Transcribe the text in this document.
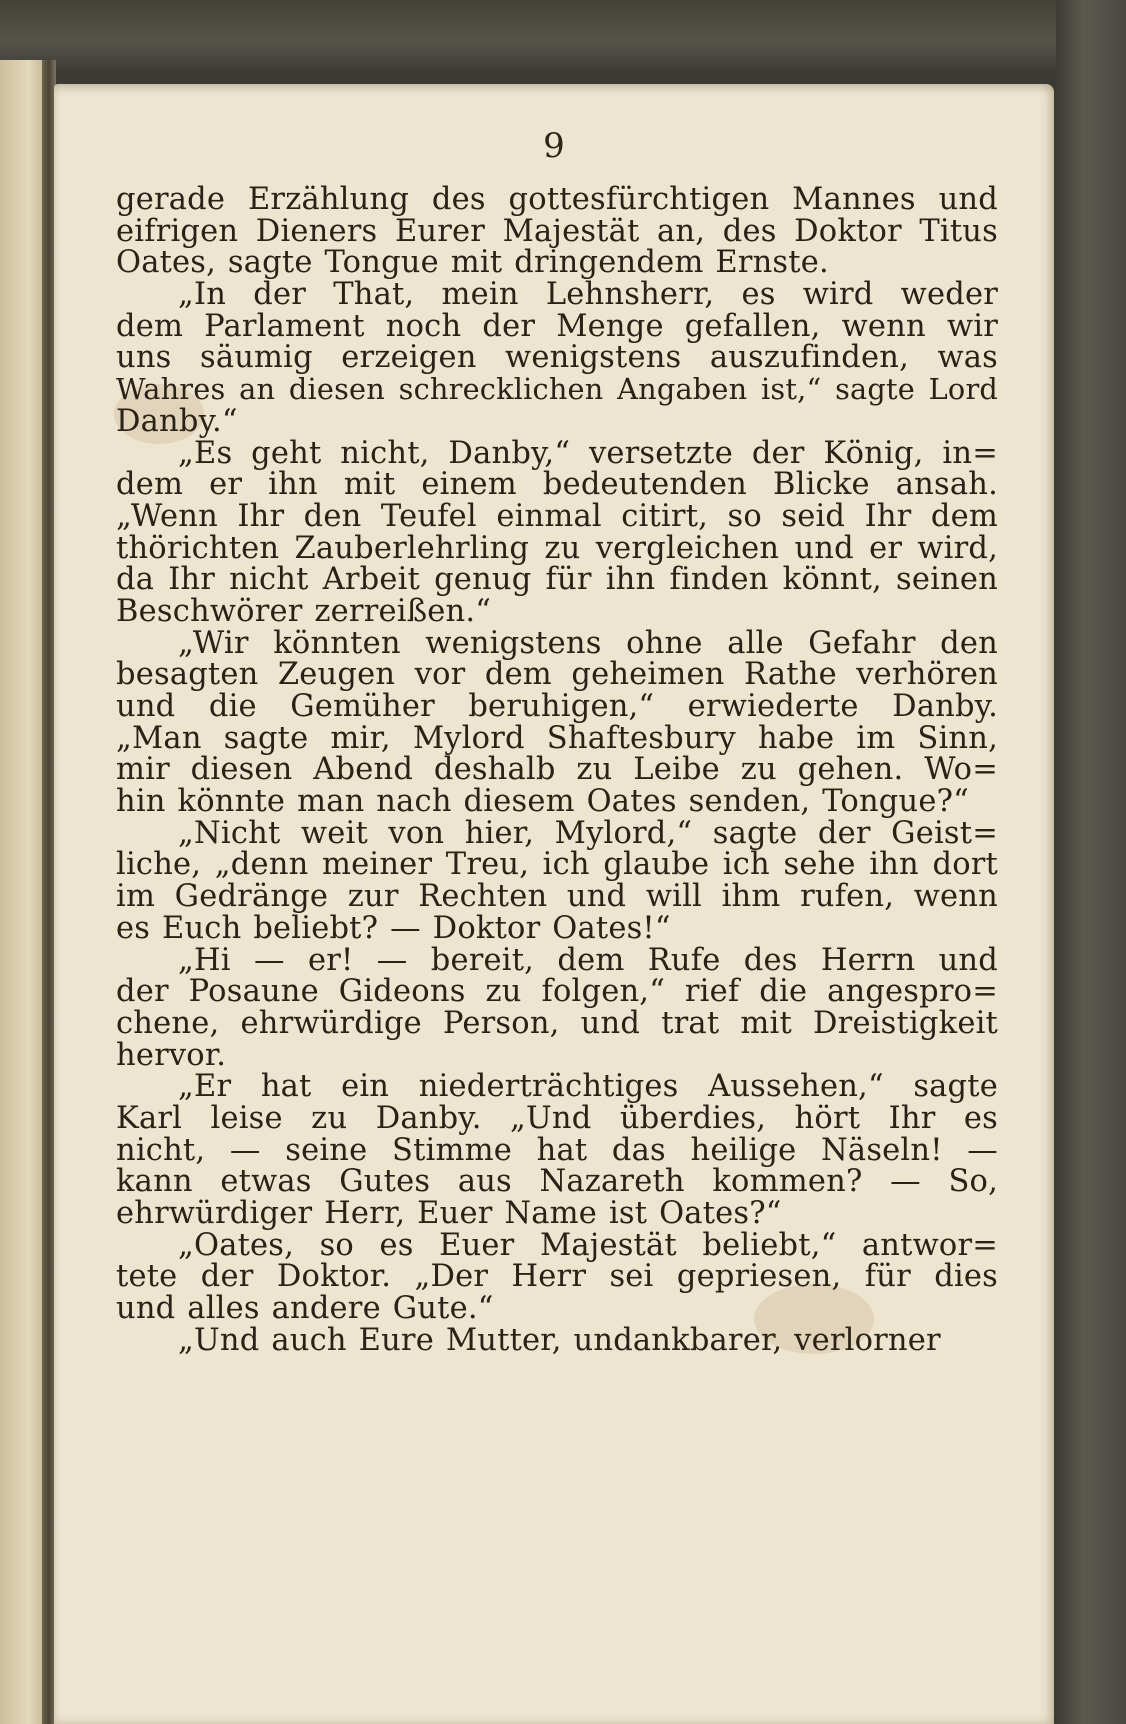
9

gerade Erzählung des gottesfürchtigen Mannes und
eifrigen Dieners Eurer Majestät an, des Doktor Titus
Oates, sagte Tongue mit dringendem Ernste.
„In der That, mein Lehnsherr, es wird weder
dem Parlament noch der Menge gefallen, wenn wir
uns säumig erzeigen wenigstens auszufinden, was
Wahres an diesen schrecklichen Angaben ist,“ sagte Lord
Danby.“
„Es geht nicht, Danby,“ versetzte der König, in=
dem er ihn mit einem bedeutenden Blicke ansah.
„Wenn Ihr den Teufel einmal citirt, so seid Ihr dem
thörichten Zauberlehrling zu vergleichen und er wird,
da Ihr nicht Arbeit genug für ihn finden könnt, seinen
Beschwörer zerreißen.“
„Wir könnten wenigstens ohne alle Gefahr den
besagten Zeugen vor dem geheimen Rathe verhören
und die Gemüher beruhigen,“ erwiederte Danby.
„Man sagte mir, Mylord Shaftesbury habe im Sinn,
mir diesen Abend deshalb zu Leibe zu gehen. Wo=
hin könnte man nach diesem Oates senden, Tongue?“
„Nicht weit von hier, Mylord,“ sagte der Geist=
liche, „denn meiner Treu, ich glaube ich sehe ihn dort
im Gedränge zur Rechten und will ihm rufen, wenn
es Euch beliebt? — Doktor Oates!“
„Hi — er! — bereit, dem Rufe des Herrn und
der Posaune Gideons zu folgen,“ rief die angespro=
chene, ehrwürdige Person, und trat mit Dreistigkeit
hervor.
„Er hat ein niederträchtiges Aussehen,“ sagte
Karl leise zu Danby. „Und überdies, hört Ihr es
nicht, — seine Stimme hat das heilige Näseln! —
kann etwas Gutes aus Nazareth kommen? — So,
ehrwürdiger Herr, Euer Name ist Oates?“
„Oates, so es Euer Majestät beliebt,“ antwor=
tete der Doktor. „Der Herr sei gepriesen, für dies
und alles andere Gute.“
„Und auch Eure Mutter, undankbarer, verlorner
